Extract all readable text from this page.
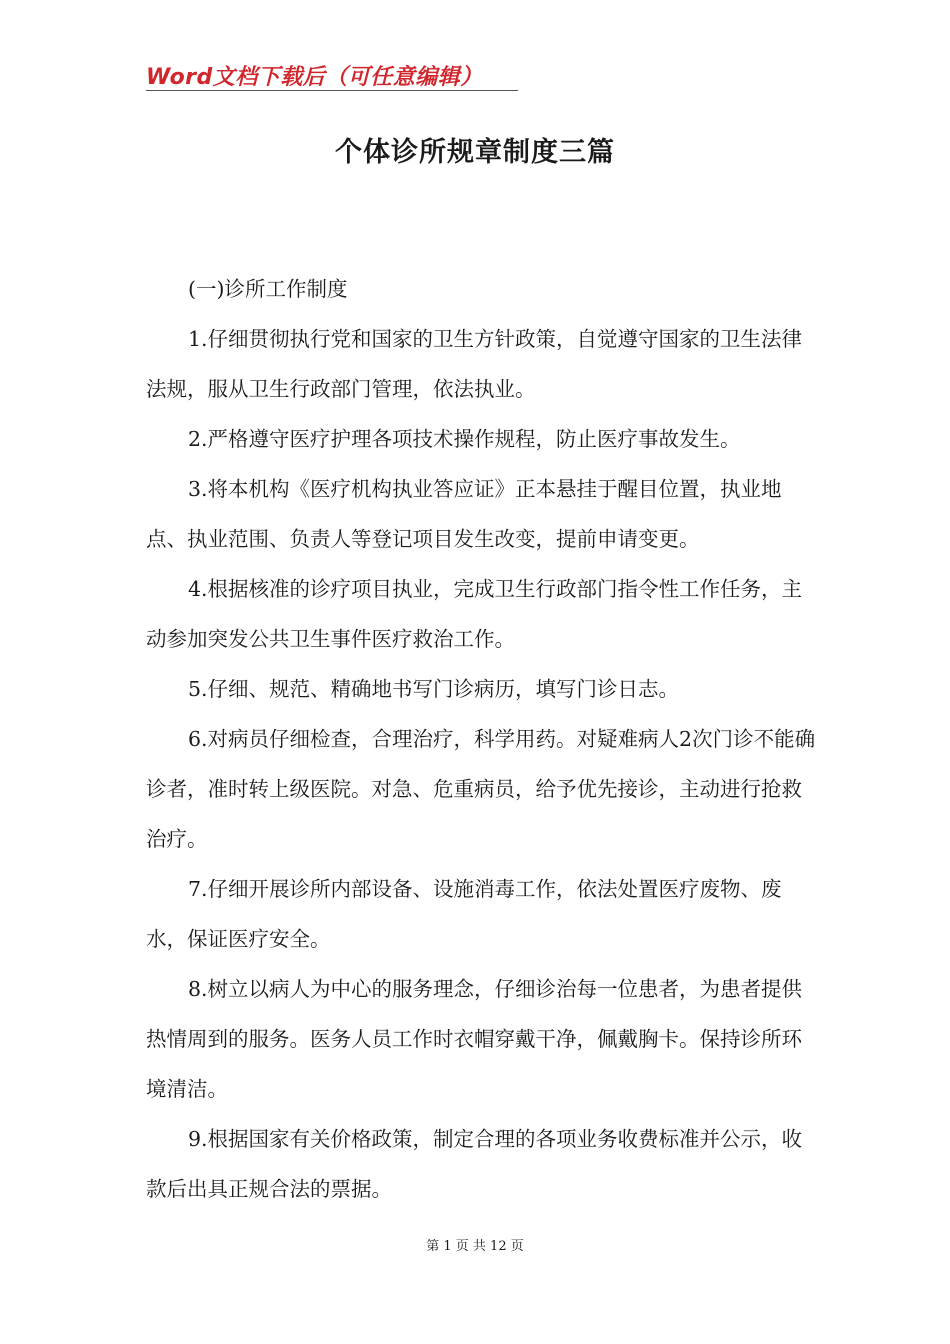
Word文档下载后（可任意编辑）
个体诊所规章制度三篇

(一)诊所工作制度

1.仔细贯彻执行党和国家的卫生方针政策，自觉遵守国家的卫生法律法规，服从卫生行政部门管理，依法执业。

2.严格遵守医疗护理各项技术操作规程，防止医疗事故发生。

3.将本机构《医疗机构执业答应证》正本悬挂于醒目位置，执业地点、执业范围、负责人等登记项目发生改变，提前申请变更。

4.根据核准的诊疗项目执业，完成卫生行政部门指令性工作任务，主动参加突发公共卫生事件医疗救治工作。

5.仔细、规范、精确地书写门诊病历，填写门诊日志。

6.对病员仔细检查，合理治疗，科学用药。对疑难病人2次门诊不能确诊者，准时转上级医院。对急、危重病员，给予优先接诊，主动进行抢救治疗。

7.仔细开展诊所内部设备、设施消毒工作，依法处置医疗废物、废水，保证医疗安全。

8.树立以病人为中心的服务理念，仔细诊治每一位患者，为患者提供热情周到的服务。医务人员工作时衣帽穿戴干净，佩戴胸卡。保持诊所环境清洁。

9.根据国家有关价格政策，制定合理的各项业务收费标准并公示，收款后出具正规合法的票据。

第 1 页 共 12 页
